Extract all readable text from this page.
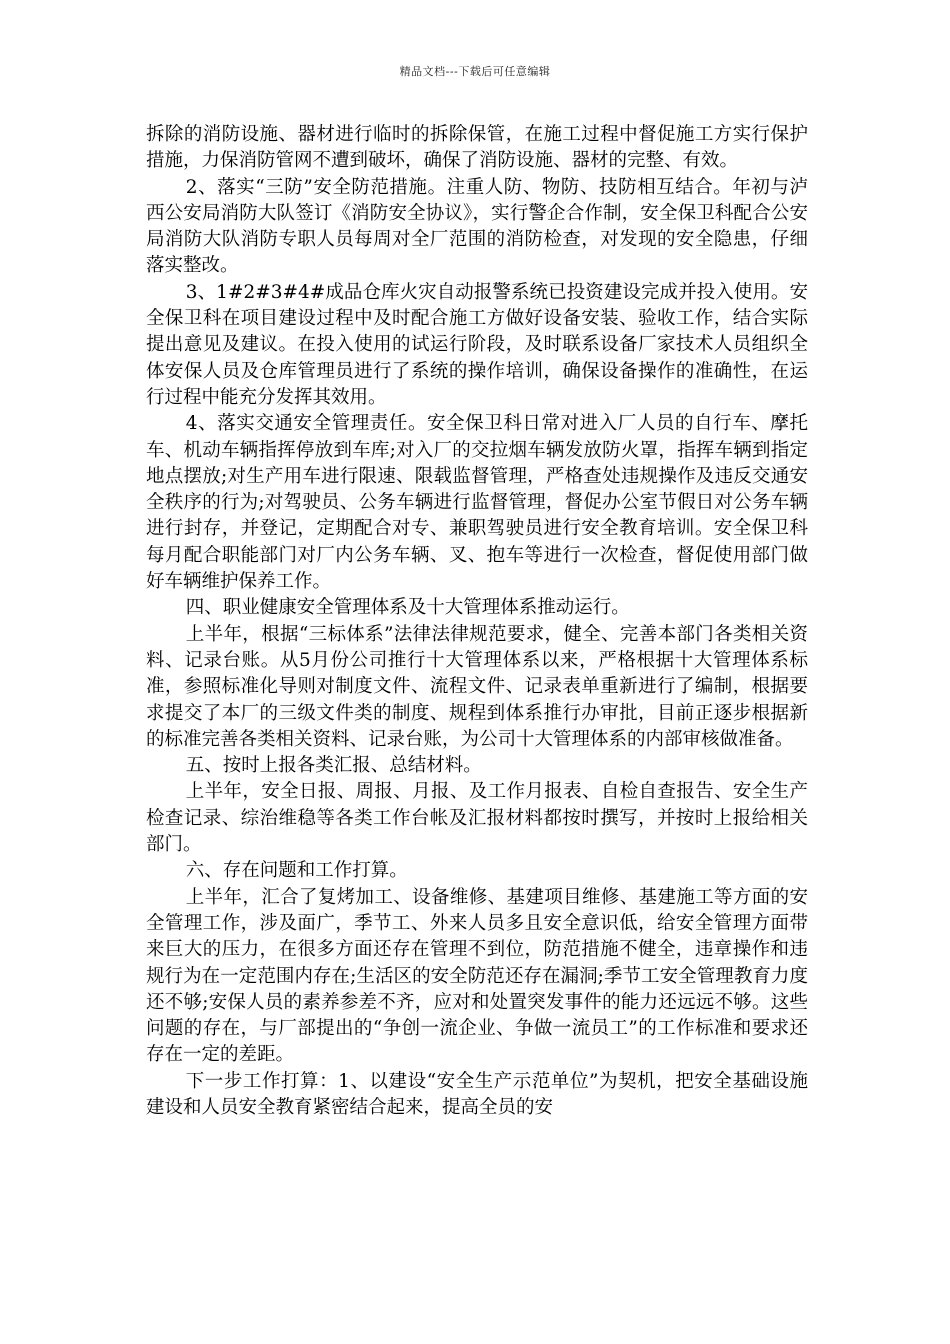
精品文档---下载后可任意编辑

拆除的消防设施、器材进行临时的拆除保管，在施工过程中督促施工方实行保护措施，力保消防管网不遭到破坏，确保了消防设施、器材的完整、有效。

2、落实“三防”安全防范措施。注重人防、物防、技防相互结合。年初与泸西公安局消防大队签订《消防安全协议》，实行警企合作制，安全保卫科配合公安局消防大队消防专职人员每周对全厂范围的消防检查，对发现的安全隐患，仔细落实整改。

3、1#2#3#4#成品仓库火灾自动报警系统已投资建设完成并投入使用。安全保卫科在项目建设过程中及时配合施工方做好设备安装、验收工作，结合实际提出意见及建议。在投入使用的试运行阶段，及时联系设备厂家技术人员组织全体安保人员及仓库管理员进行了系统的操作培训，确保设备操作的准确性，在运行过程中能充分发挥其效用。

4、落实交通安全管理责任。安全保卫科日常对进入厂人员的自行车、摩托车、机动车辆指挥停放到车库;对入厂的交拉烟车辆发放防火罩，指挥车辆到指定地点摆放;对生产用车进行限速、限载监督管理，严格查处违规操作及违反交通安全秩序的行为;对驾驶员、公务车辆进行监督管理，督促办公室节假日对公务车辆进行封存，并登记，定期配合对专、兼职驾驶员进行安全教育培训。安全保卫科每月配合职能部门对厂内公务车辆、叉、抱车等进行一次检查，督促使用部门做好车辆维护保养工作。

四、职业健康安全管理体系及十大管理体系推动运行。

上半年，根据“三标体系”法律法律规范要求，健全、完善本部门各类相关资料、记录台账。从5月份公司推行十大管理体系以来，严格根据十大管理体系标准，参照标准化导则对制度文件、流程文件、记录表单重新进行了编制，根据要求提交了本厂的三级文件类的制度、规程到体系推行办审批，目前正逐步根据新的标准完善各类相关资料、记录台账，为公司十大管理体系的内部审核做准备。

五、按时上报各类汇报、总结材料。

上半年，安全日报、周报、月报、及工作月报表、自检自查报告、安全生产检查记录、综治维稳等各类工作台帐及汇报材料都按时撰写，并按时上报给相关部门。

六、存在问题和工作打算。

上半年，汇合了复烤加工、设备维修、基建项目维修、基建施工等方面的安全管理工作，涉及面广，季节工、外来人员多且安全意识低，给安全管理方面带来巨大的压力，在很多方面还存在管理不到位，防范措施不健全，违章操作和违规行为在一定范围内存在;生活区的安全防范还存在漏洞;季节工安全管理教育力度还不够;安保人员的素养参差不齐，应对和处置突发事件的能力还远远不够。这些问题的存在，与厂部提出的“争创一流企业、争做一流员工”的工作标准和要求还存在一定的差距。

下一步工作打算：1、以建设“安全生产示范单位”为契机，把安全基础设施建设和人员安全教育紧密结合起来，提高全员的安
